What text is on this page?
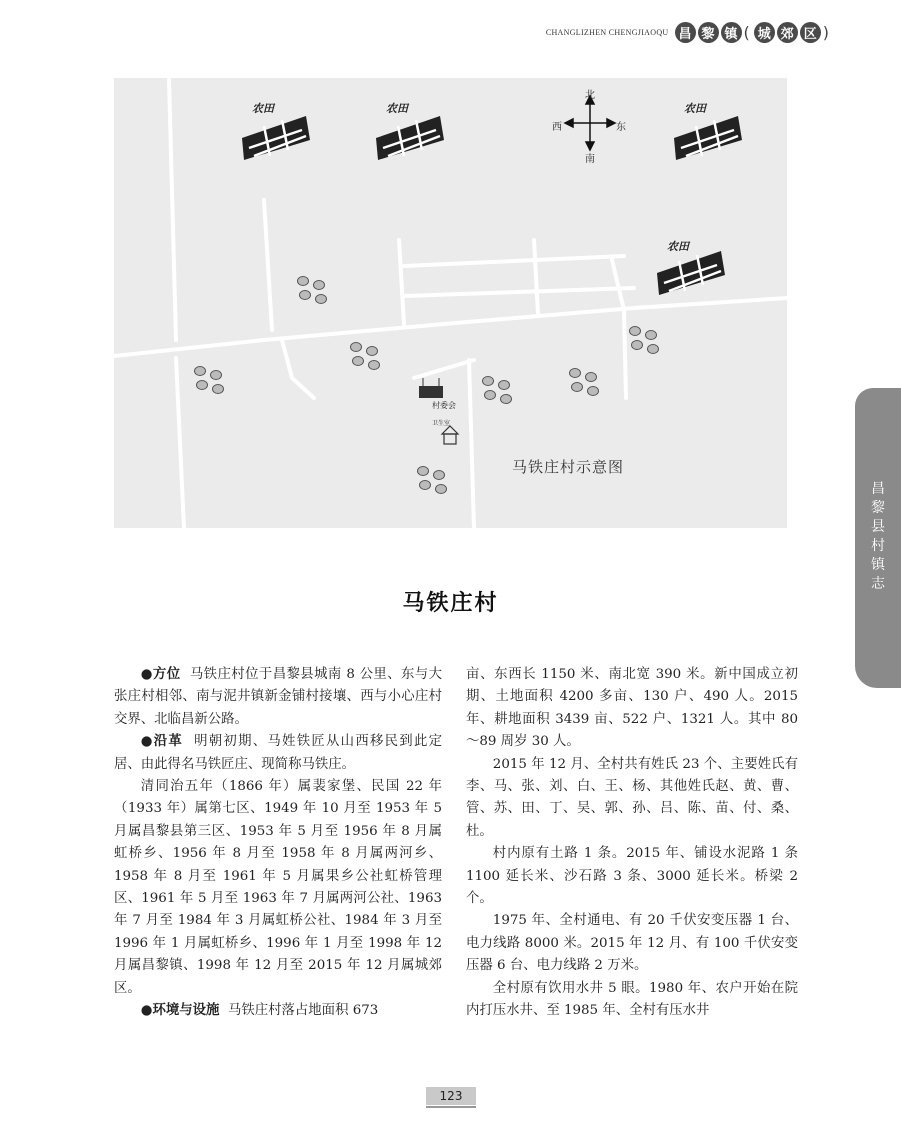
CHANGLIZHEN CHENGJIAOQU 昌 黎 镇 ( 城 郊 区 )
北
南
西	东
农田	农田	农田
农田
村委会
卫生室
马铁庄村示意图
昌黎县村镇志
马铁庄村

●方位 马铁庄村位于昌黎县城南 8 公里、东与大张庄村相邻、南与泥井镇新金铺村接壤、西与小心庄村交界、北临昌新公路。

●沿革 明朝初期、马姓铁匠从山西移民到此定居、由此得名马铁匠庄、现简称马铁庄。

清同治五年（1866 年）属裴家堡、民国 22 年（1933 年）属第七区、1949 年 10 月至 1953 年 5 月属昌黎县第三区、1953 年 5 月至 1956 年 8 月属虹桥乡、1956 年 8 月至 1958 年 8 月属两河乡、1958 年 8 月至 1961 年 5 月属果乡公社虹桥管理区、1961 年 5 月至 1963 年 7 月属两河公社、1963 年 7 月至 1984 年 3 月属虹桥公社、1984 年 3 月至 1996 年 1 月属虹桥乡、1996 年 1 月至 1998 年 12 月属昌黎镇、1998 年 12 月至 2015 年 12 月属城郊区。

●环境与设施 马铁庄村落占地面积 673

亩、东西长 1150 米、南北宽 390 米。新中国成立初期、土地面积 4200 多亩、130 户、490 人。2015 年、耕地面积 3439 亩、522 户、1321 人。其中 80～89 周岁 30 人。

2015 年 12 月、全村共有姓氏 23 个、主要姓氏有李、马、张、刘、白、王、杨、其他姓氏赵、黄、曹、管、苏、田、丁、吴、郭、孙、吕、陈、苗、付、桑、杜。

村内原有土路 1 条。2015 年、铺设水泥路 1 条 1100 延长米、沙石路 3 条、3000 延长米。桥梁 2 个。

1975 年、全村通电、有 20 千伏安变压器 1 台、电力线路 8000 米。2015 年 12 月、有 100 千伏安变压器 6 台、电力线路 2 万米。

全村原有饮用水井 5 眼。1980 年、农户开始在院内打压水井、至 1985 年、全村有压水井

123
